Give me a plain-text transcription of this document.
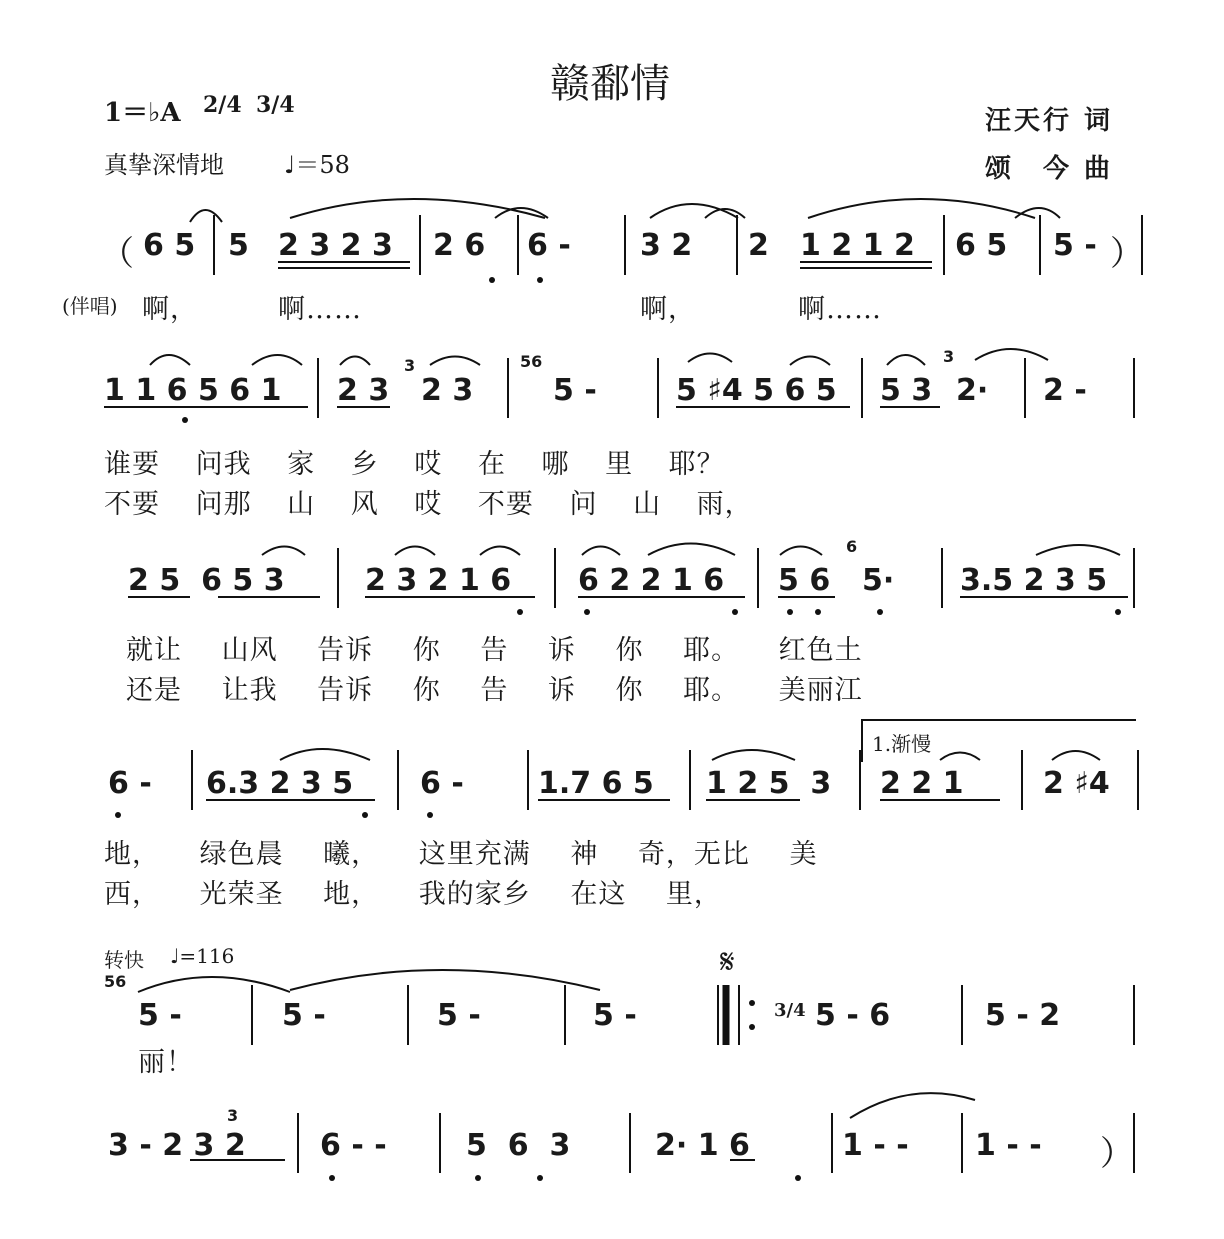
赣鄱情
1＝♭A 2/4 3/4
真挚深情地	♩＝58
汪天行 词
颂　今 曲
（ 6 5 5 2 3 2 3 2 6 6 - 3 2 2 1 2 1 2 6 5 5 - ）
(伴唱) 啊，	啊……	啊，	啊……
1 1 6 5 6 1 2 3
3
2 3
56
5 -	5 ♯4 5 6 5 5 3
3
2· 2 -
谁要 问我 家 乡 哎 在 哪 里 耶？
不要 问那 山 风 哎 不要 问 山 雨，
2 5  6 5 3	2 3 2 1 6 6 2 2 1 6 5 6
6
5· 3.5 2 3 5
就让 山风 告诉 你 告 诉 你 耶。 红色土
还是 让我 告诉 你 告 诉 你 耶。 美丽江
6 - 6.3 2 3 5 6 - 1.7 6 5 1 2 5  3
1.渐慢
2 2 1	2 ♯4
地， 绿色晨 曦， 这里充满 神 奇，无比 美
西， 光荣圣 地， 我的家乡 在这 里，
转快 ♩=116
56
5 -	5 -	5 -	5 -
𝄋
3/4 5 - 6	5 - 2
丽！
3
3 - 2 3 2 6 - -	5  6  3	2· 1 6	1 - - 1 - - ）
